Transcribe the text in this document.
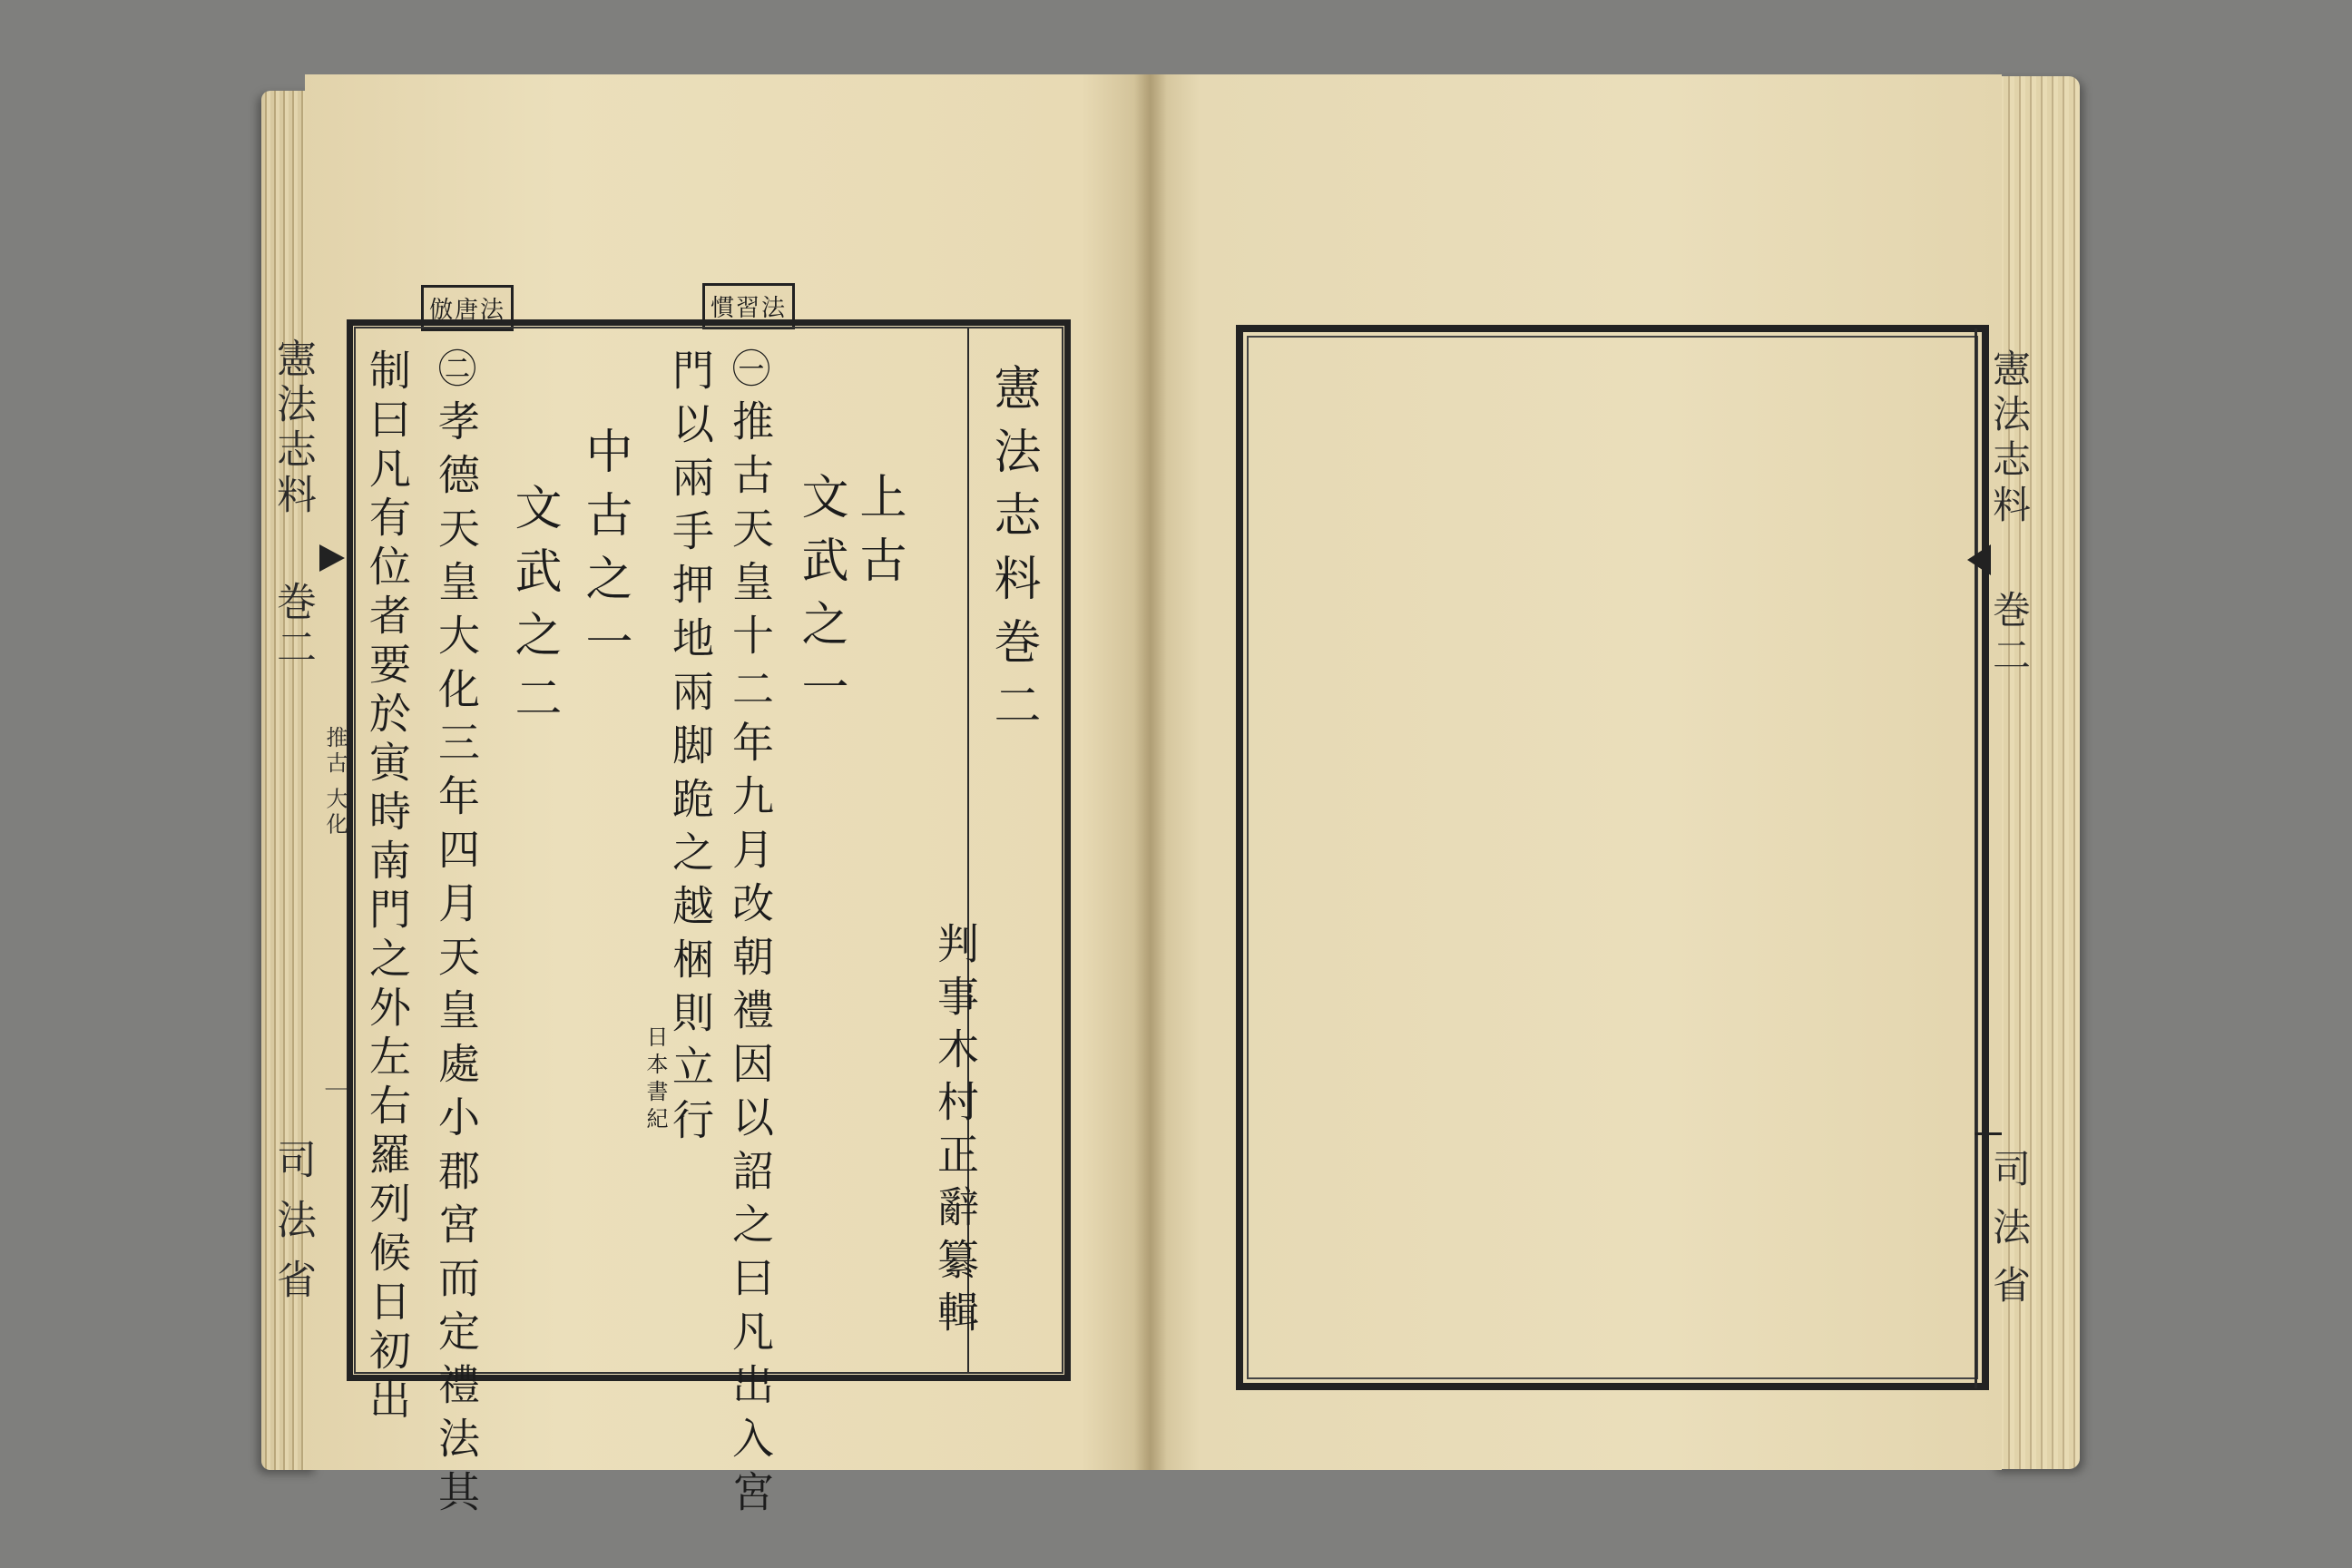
憲法志料
巻二
推古 大化
一
司法省
倣唐法	慣習法
憲法志料巻二
判事木村正辭纂輯
上古
文武之一
㊀
推古天皇十二年九月改朝禮因以詔之曰凡出入宮
門以兩手押地兩脚跪之越梱則立行
日本書紀
中古之一
文武之二
㊁
孝德天皇大化三年四月天皇處小郡宮而定禮法其
制曰凡有位者要於寅時南門之外左右羅列候日初出	憲法志料
巻二
司法省
